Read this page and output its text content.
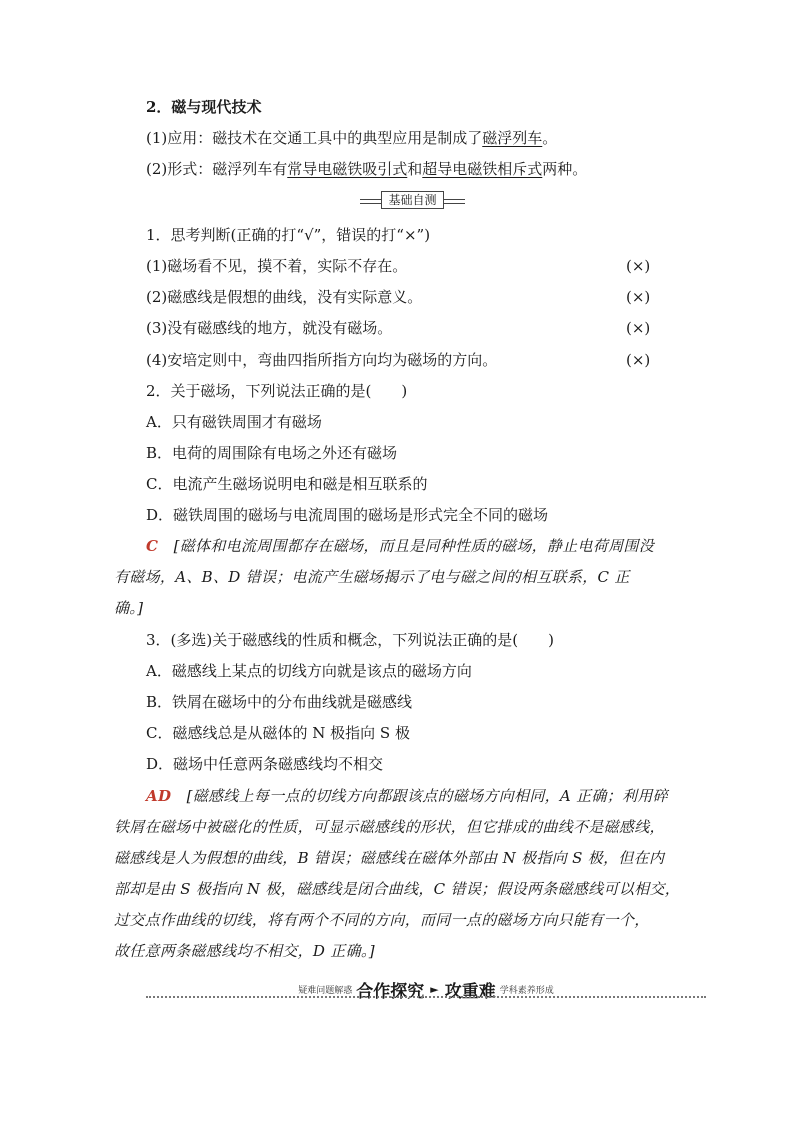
2．磁与现代技术
(1)应用：磁技术在交通工具中的典型应用是制成了磁浮列车。
(2)形式：磁浮列车有常导电磁铁吸引式和超导电磁铁相斥式两种。
基础自测
1．思考判断(正确的打“√”，错误的打“×”)
(1)磁场看不见，摸不着，实际不存在。	(×)
(2)磁感线是假想的曲线，没有实际意义。	(×)
(3)没有磁感线的地方，就没有磁场。	(×)
(4)安培定则中，弯曲四指所指方向均为磁场的方向。	(×)
2．关于磁场，下列说法正确的是(　　)
A．只有磁铁周围才有磁场
B．电荷的周围除有电场之外还有磁场
C．电流产生磁场说明电和磁是相互联系的
D．磁铁周围的磁场与电流周围的磁场是形式完全不同的磁场
C　 [磁体和电流周围都存在磁场，而且是同种性质的磁场，静止电荷周围没
有磁场，A、B、D 错误；电流产生磁场揭示了电与磁之间的相互联系，C 正
确。]
3．(多选)关于磁感线的性质和概念，下列说法正确的是(　　)
A．磁感线上某点的切线方向就是该点的磁场方向
B．铁屑在磁场中的分布曲线就是磁感线
C．磁感线总是从磁体的 N 极指向 S 极
D．磁场中任意两条磁感线均不相交
AD　 [磁感线上每一点的切线方向都跟该点的磁场方向相同，A 正确；利用碎
铁屑在磁场中被磁化的性质，可显示磁感线的形状，但它排成的曲线不是磁感线，
磁感线是人为假想的曲线，B 错误；磁感线在磁体外部由 N 极指向 S 极，但在内
部却是由 S 极指向 N 极，磁感线是闭合曲线，C 错误；假设两条磁感线可以相交，
过交点作曲线的切线，将有两个不同的方向，而同一点的磁场方向只能有一个，
故任意两条磁感线均不相交，D 正确。]
疑难问题解惑 合作探究 ► 攻重难 学科素养形成
